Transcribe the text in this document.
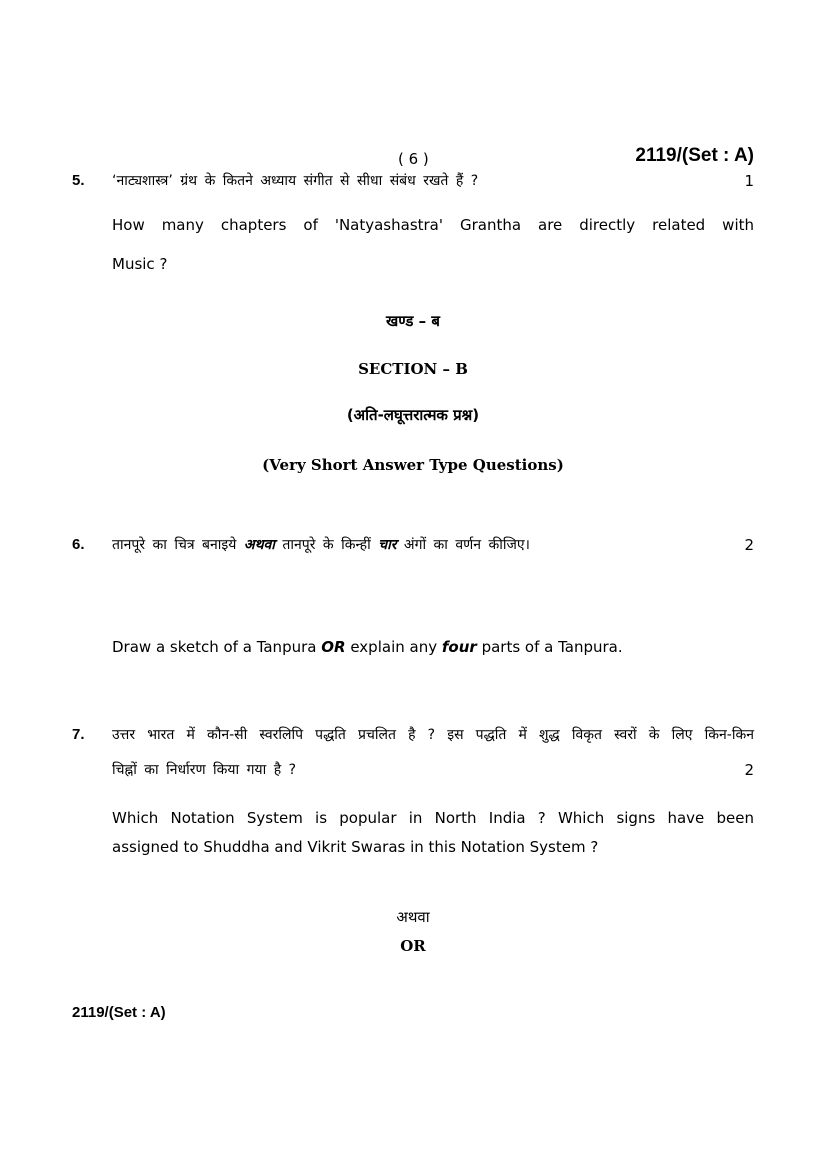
( 6 )	2119/(Set : A)
5. ‘नाट्यशास्त्र’ ग्रंथ के कितने अध्याय संगीत से सीधा संबंध रखते हैं ?	1
How many chapters of 'Natyashastra' Grantha are directly related with
Music ?
खण्ड – ब
SECTION – B
(अति-लघूत्तरात्मक प्रश्न)
(Very Short Answer Type Questions)
6. तानपूरे का चित्र बनाइये अथवा तानपूरे के किन्हीं चार अंगों का वर्णन कीजिए।	2
Draw a sketch of a Tanpura OR explain any four parts of a Tanpura.
7. उत्तर भारत में कौन-सी स्वरलिपि पद्धति प्रचलित है ? इस पद्धति में शुद्ध विकृत स्वरों के लिए किन-किन
चिह्नों का निर्धारण किया गया है ?	2
Which Notation System is popular in North India ? Which signs have been
assigned to Shuddha and Vikrit Swaras in this Notation System ?
अथवा
OR
2119/(Set : A)
